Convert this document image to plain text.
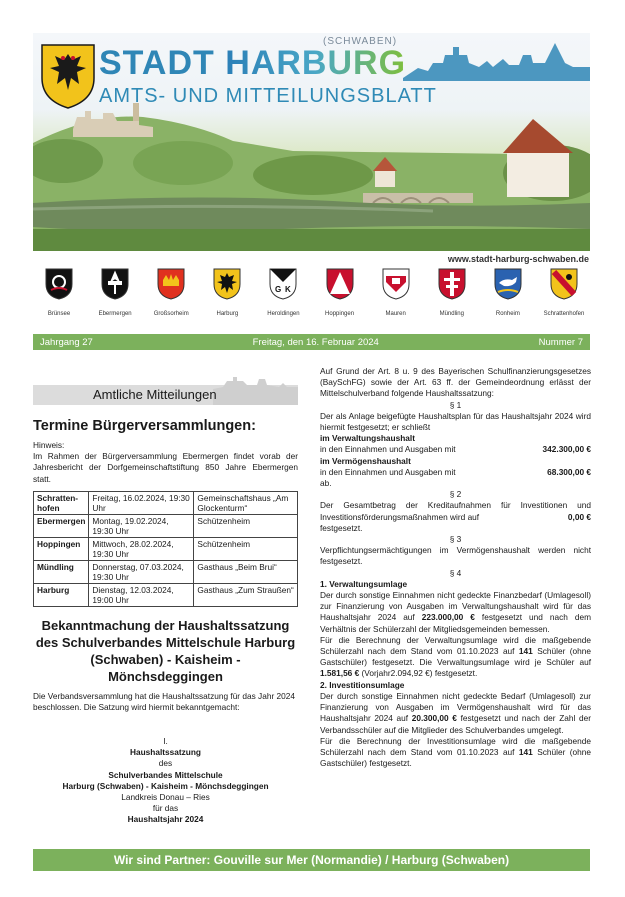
STADT HARBURG
(SCHWABEN)
AMTS- UND MITTEILUNGSBLATT
www.stadt-harburg-schwaben.de
Brünsee	Ebermergen	Großsorheim	Harburg
G K
Heroldingen	Hoppingen	Mauren	Mündling	Ronheim	Schrattenhofen
Jahrgang 27	Freitag, den 16. Februar 2024	Nummer 7
Amtliche Mitteilungen
Termine Bürgerversammlungen:
Hinweis:
Im Rahmen der Bürgerversammlung Ebermergen findet vorab der Jahresbericht der Dorfgemeinschaftstiftung 850 Jahre Ebermergen statt.
Schratten-hofen	Freitag, 16.02.2024, 19:30 Uhr	Gemeinschaftshaus „Am Glockenturm“
Ebermergen	Montag, 19.02.2024, 19:30 Uhr	Schützenheim
Hoppingen	Mittwoch, 28.02.2024, 19:30 Uhr	Schützenheim
Mündling	Donnerstag, 07.03.2024, 19:30 Uhr	Gasthaus „Beim Brui“
Harburg	Dienstag, 12.03.2024, 19:00 Uhr	Gasthaus „Zum Straußen“
Bekanntmachung der Haushaltssatzung des Schulverbandes Mittelschule Harburg (Schwaben) - Kaisheim - Mönchsdeggingen
Die Verbandsversammlung hat die Haushaltssatzung für das Jahr 2024 beschlossen. Die Satzung wird hiermit bekanntgemacht:
I.
Haushaltssatzung
des
Schulverbandes Mittelschule
Harburg (Schwaben) - Kaisheim - Mönchsdeggingen
Landkreis Donau – Ries
für das
Haushaltsjahr 2024

Auf Grund der Art. 8 u. 9 des Bayerischen Schulfinanzierungsgesetzes (BaySchFG) sowie der Art. 63 ff. der Gemeindeordnung erlässt der Mittelschulverband folgende Haushaltssatzung:

§ 1

Der als Anlage beigefügte Haushaltsplan für das Haushaltsjahr 2024 wird hiermit festgesetzt; er schließt

im Verwaltungshaushalt
in den Einnahmen und Ausgaben mit	342.300,00 €
im Vermögenshaushalt
in den Einnahmen und Ausgaben mit	68.300,00 €
ab.
§ 2

Der Gesamtbetrag der Kreditaufnahmen für Investitionen und Investitionsförderungsmaßnahmen wird auf	0,00 €

festgesetzt.
§ 3

Verpflichtungsermächtigungen im Vermögenshaushalt werden nicht festgesetzt.

§ 4
1. Verwaltungsumlage

Der durch sonstige Einnahmen nicht gedeckte Finanzbedarf (Umlagesoll) zur Finanzierung von Ausgaben im Verwaltungshaushalt wird für das Haushaltsjahr 2024 auf 223.000,00 € festgesetzt und nach dem Verhältnis der Schülerzahl der Mitgliedsgemeinden bemessen.

Für die Berechnung der Verwaltungsumlage wird die maßgebende Schülerzahl nach dem Stand vom 01.10.2023 auf 141 Schüler (ohne Gastschüler) festgesetzt. Die Verwaltungsumlage wird je Schüler auf 1.581,56 € (Vorjahr2.094,92 €) festgesetzt.

2. Investitionsumlage

Der durch sonstige Einnahmen nicht gedeckte Bedarf (Umlagesoll) zur Finanzierung von Ausgaben im Vermögenshaushalt wird für das Haushaltsjahr 2024 auf 20.300,00 € festgesetzt und nach der Zahl der Verbandsschüler auf die Mitglieder des Schulverbandes umgelegt.

Für die Berechnung der Investitionsumlage wird die maßgebende Schülerzahl nach dem Stand vom 01.10.2023 auf 141 Schüler (ohne Gastschüler) festgesetzt.

Wir sind Partner: Gouville sur Mer (Normandie) / Harburg (Schwaben)
